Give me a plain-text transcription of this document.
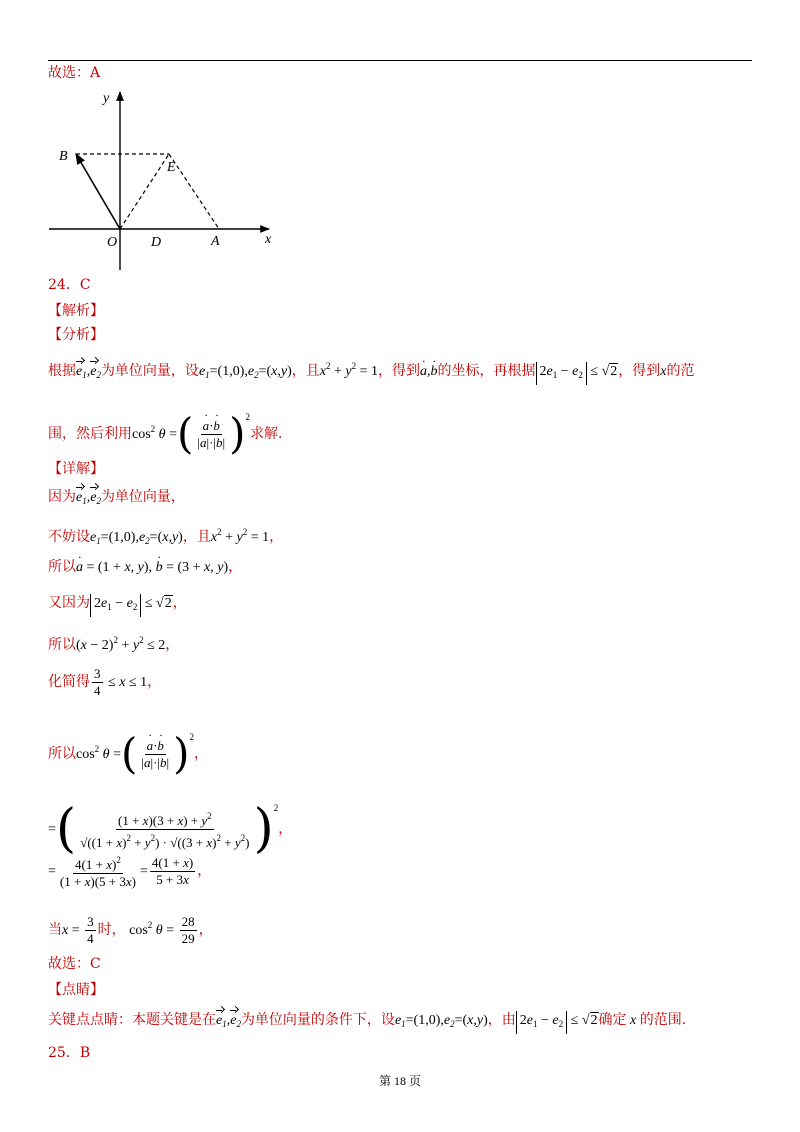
故选：A
y
x
B
E
O D	A
24．C
【解析】
【分析】
根据$e_1,e_2$为单位向量，设$e_1=(1,0),e_2=(x,y)$，且$x^2 + y^2 = 1$，得到· a,· b的坐标，再根据 $2e_1 - e_2 \le √2$，得到x的范
围，然后利用$\cos^2 \theta$ =( · $\frac{a\cdot\cdot b}{|a|\cdot|b|} )^2$求解.
【详解】
因为$e_1,e_2$为单位向量，
不妨设$e_1=(1,0),e_2=(x,y)$，且$x^2 + y^2 = 1$，
所以· a = (1 + x, y), · b = (3 + x, y)，
又因为 $2e_1 - e_2 \le √2$，
所以$(x - 2)^2 + y^2 \le 2$，
化简得 $\frac{3}{4} \le x \le 1$，
所以$\cos^2 \theta$ =( · $\frac{a\cdot\cdot b}{|a|\cdot|b|} )^2$，
=( $\frac{(1 + x)(3 + x) + y^2}{√((1 + x)^2 + y^2) \cdot √((3 + x)^2 + y^2)} )^2$，
= $\frac{4(1 + x)^2}{(1 + x)(5 + 3x)} = \frac{4(1 + x)}{5 + 3x}$ ，
当$x = \frac{3}{4}$ 时， $\cos^2 \theta = \frac{28}{29}$ ，
故选：C
【点睛】
关键点点睛：本题关键是在$e_1,e_2$为单位向量的条件下，设$e_1=(1,0),e_2=(x,y)$，由 $2e_1 - e_2 \le √2$确定 x 的范围.
25．B
第 18 页
